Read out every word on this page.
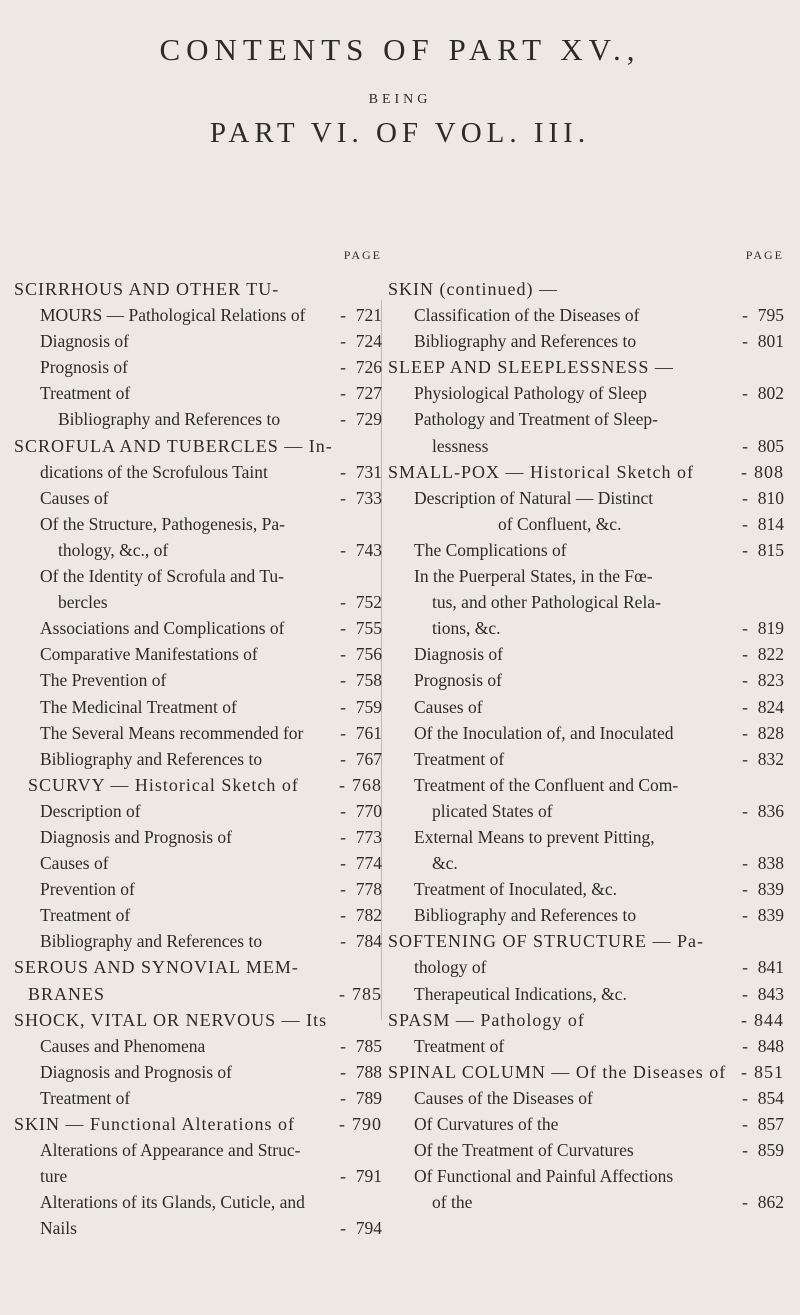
CONTENTS OF PART XV.,
BEING
PART VI. OF VOL. III.
PAGE
SCIRRHOUS AND OTHER TU-
MOURS — Pathological Relations of - 721
Diagnosis of	- 724
Prognosis of	- 726
Treatment of	- 727
Bibliography and References to	- 729
SCROFULA AND TUBERCLES — In-
dications of the Scrofulous Taint	- 731
Causes of	- 733
Of the Structure, Pathogenesis, Pa-
thology, &c., of	- 743
Of the Identity of Scrofula and Tu-
bercles	- 752
Associations and Complications of	- 755
Comparative Manifestations of	- 756
The Prevention of	- 758
The Medicinal Treatment of	- 759
The Several Means recommended for - 761
Bibliography and References to	- 767
SCURVY — Historical Sketch of - 768
Description of	- 770
Diagnosis and Prognosis of	- 773
Causes of	- 774
Prevention of	- 778
Treatment of	- 782
Bibliography and References to	- 784
SEROUS AND SYNOVIAL MEM-
BRANES	- 785
SHOCK, VITAL OR NERVOUS — Its
Causes and Phenomena	- 785
Diagnosis and Prognosis of	- 788
Treatment of	- 789
SKIN — Functional Alterations of - 790
Alterations of Appearance and Struc-
ture	- 791
Alterations of its Glands, Cuticle, and
Nails	- 794
PAGE
SKIN (continued) —
Classification of the Diseases of	- 795
Bibliography and References to	- 801
SLEEP AND SLEEPLESSNESS —
Physiological Pathology of Sleep	- 802
Pathology and Treatment of Sleep-
lessness	- 805
SMALL-POX — Historical Sketch of	- 808
Description of Natural — Distinct	- 810
of Confluent, &c.	- 814
The Complications of	- 815
In the Puerperal States, in the Fœ-
tus, and other Pathological Rela-
tions, &c.	- 819
Diagnosis of	- 822
Prognosis of	- 823
Causes of	- 824
Of the Inoculation of, and Inoculated	- 828
Treatment of	- 832
Treatment of the Confluent and Com-
plicated States of	- 836
External Means to prevent Pitting,
&c.	- 838
Treatment of Inoculated, &c.	- 839
Bibliography and References to	- 839
SOFTENING OF STRUCTURE — Pa-
thology of	- 841
Therapeutical Indications, &c.	- 843
SPASM — Pathology of	- 844
Treatment of	- 848
SPINAL COLUMN — Of the Diseases of - 851
Causes of the Diseases of	- 854
Of Curvatures of the	- 857
Of the Treatment of Curvatures	- 859
Of Functional and Painful Affections
of the	- 862
